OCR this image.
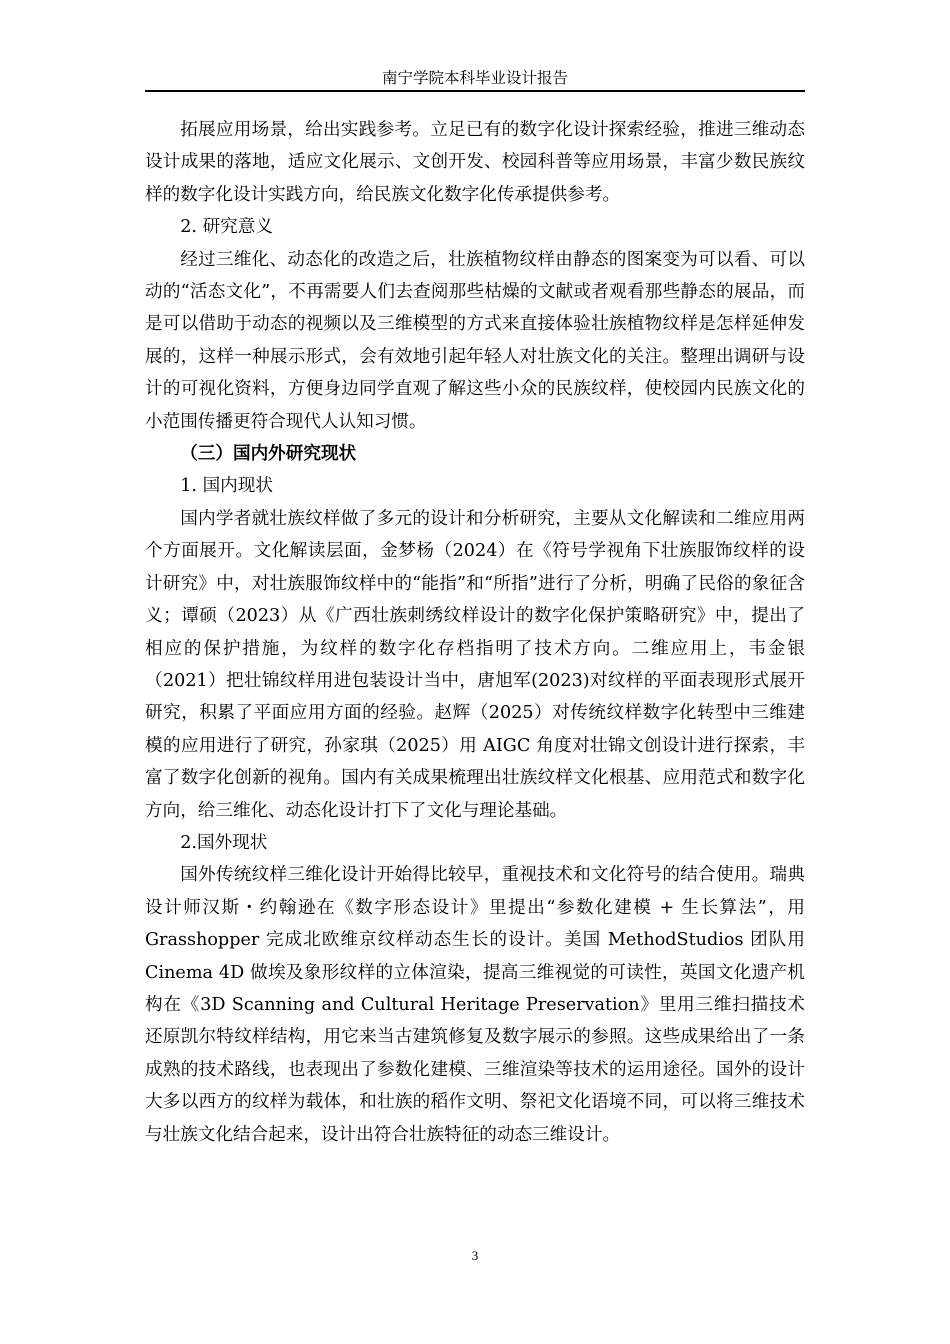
南宁学院本科毕业设计报告

拓展应用场景，给出实践参考。立足已有的数字化设计探索经验，推进三维动态设计成果的落地，适应文化展示、文创开发、校园科普等应用场景，丰富少数民族纹样的数字化设计实践方向，给民族文化数字化传承提供参考。

2. 研究意义

经过三维化、动态化的改造之后，壮族植物纹样由静态的图案变为可以看、可以动的“活态文化”，不再需要人们去查阅那些枯燥的文献或者观看那些静态的展品，而是可以借助于动态的视频以及三维模型的方式来直接体验壮族植物纹样是怎样延伸发展的，这样一种展示形式，会有效地引起年轻人对壮族文化的关注。整理出调研与设计的可视化资料，方便身边同学直观了解这些小众的民族纹样，使校园内民族文化的小范围传播更符合现代人认知习惯。

（三）国内外研究现状

1. 国内现状

国内学者就壮族纹样做了多元的设计和分析研究，主要从文化解读和二维应用两个方面展开。文化解读层面，金梦杨（2024）在《符号学视角下壮族服饰纹样的设计研究》中，对壮族服饰纹样中的“能指”和“所指”进行了分析，明确了民俗的象征含义；谭硕（2023）从《广西壮族刺绣纹样设计的数字化保护策略研究》中，提出了相应的保护措施，为纹样的数字化存档指明了技术方向。二维应用上，韦金银（2021）把壮锦纹样用进包装设计当中，唐旭军(2023)对纹样的平面表现形式展开研究，积累了平面应用方面的经验。赵辉（2025）对传统纹样数字化转型中三维建模的应用进行了研究，孙家琪（2025）用 AIGC 角度对壮锦文创设计进行探索，丰富了数字化创新的视角。国内有关成果梳理出壮族纹样文化根基、应用范式和数字化方向，给三维化、动态化设计打下了文化与理论基础。

2.国外现状

国外传统纹样三维化设计开始得比较早，重视技术和文化符号的结合使用。瑞典设计师汉斯・约翰逊在《数字形态设计》里提出“参数化建模 + 生长算法”，用 Grasshopper 完成北欧维京纹样动态生长的设计。美国 MethodStudios 团队用 Cinema 4D 做埃及象形纹样的立体渲染，提高三维视觉的可读性，英国文化遗产机构在《3D Scanning and Cultural Heritage Preservation》里用三维扫描技术还原凯尔特纹样结构，用它来当古建筑修复及数字展示的参照。这些成果给出了一条成熟的技术路线，也表现出了参数化建模、三维渲染等技术的运用途径。国外的设计大多以西方的纹样为载体，和壮族的稻作文明、祭祀文化语境不同，可以将三维技术与壮族文化结合起来，设计出符合壮族特征的动态三维设计。

3
